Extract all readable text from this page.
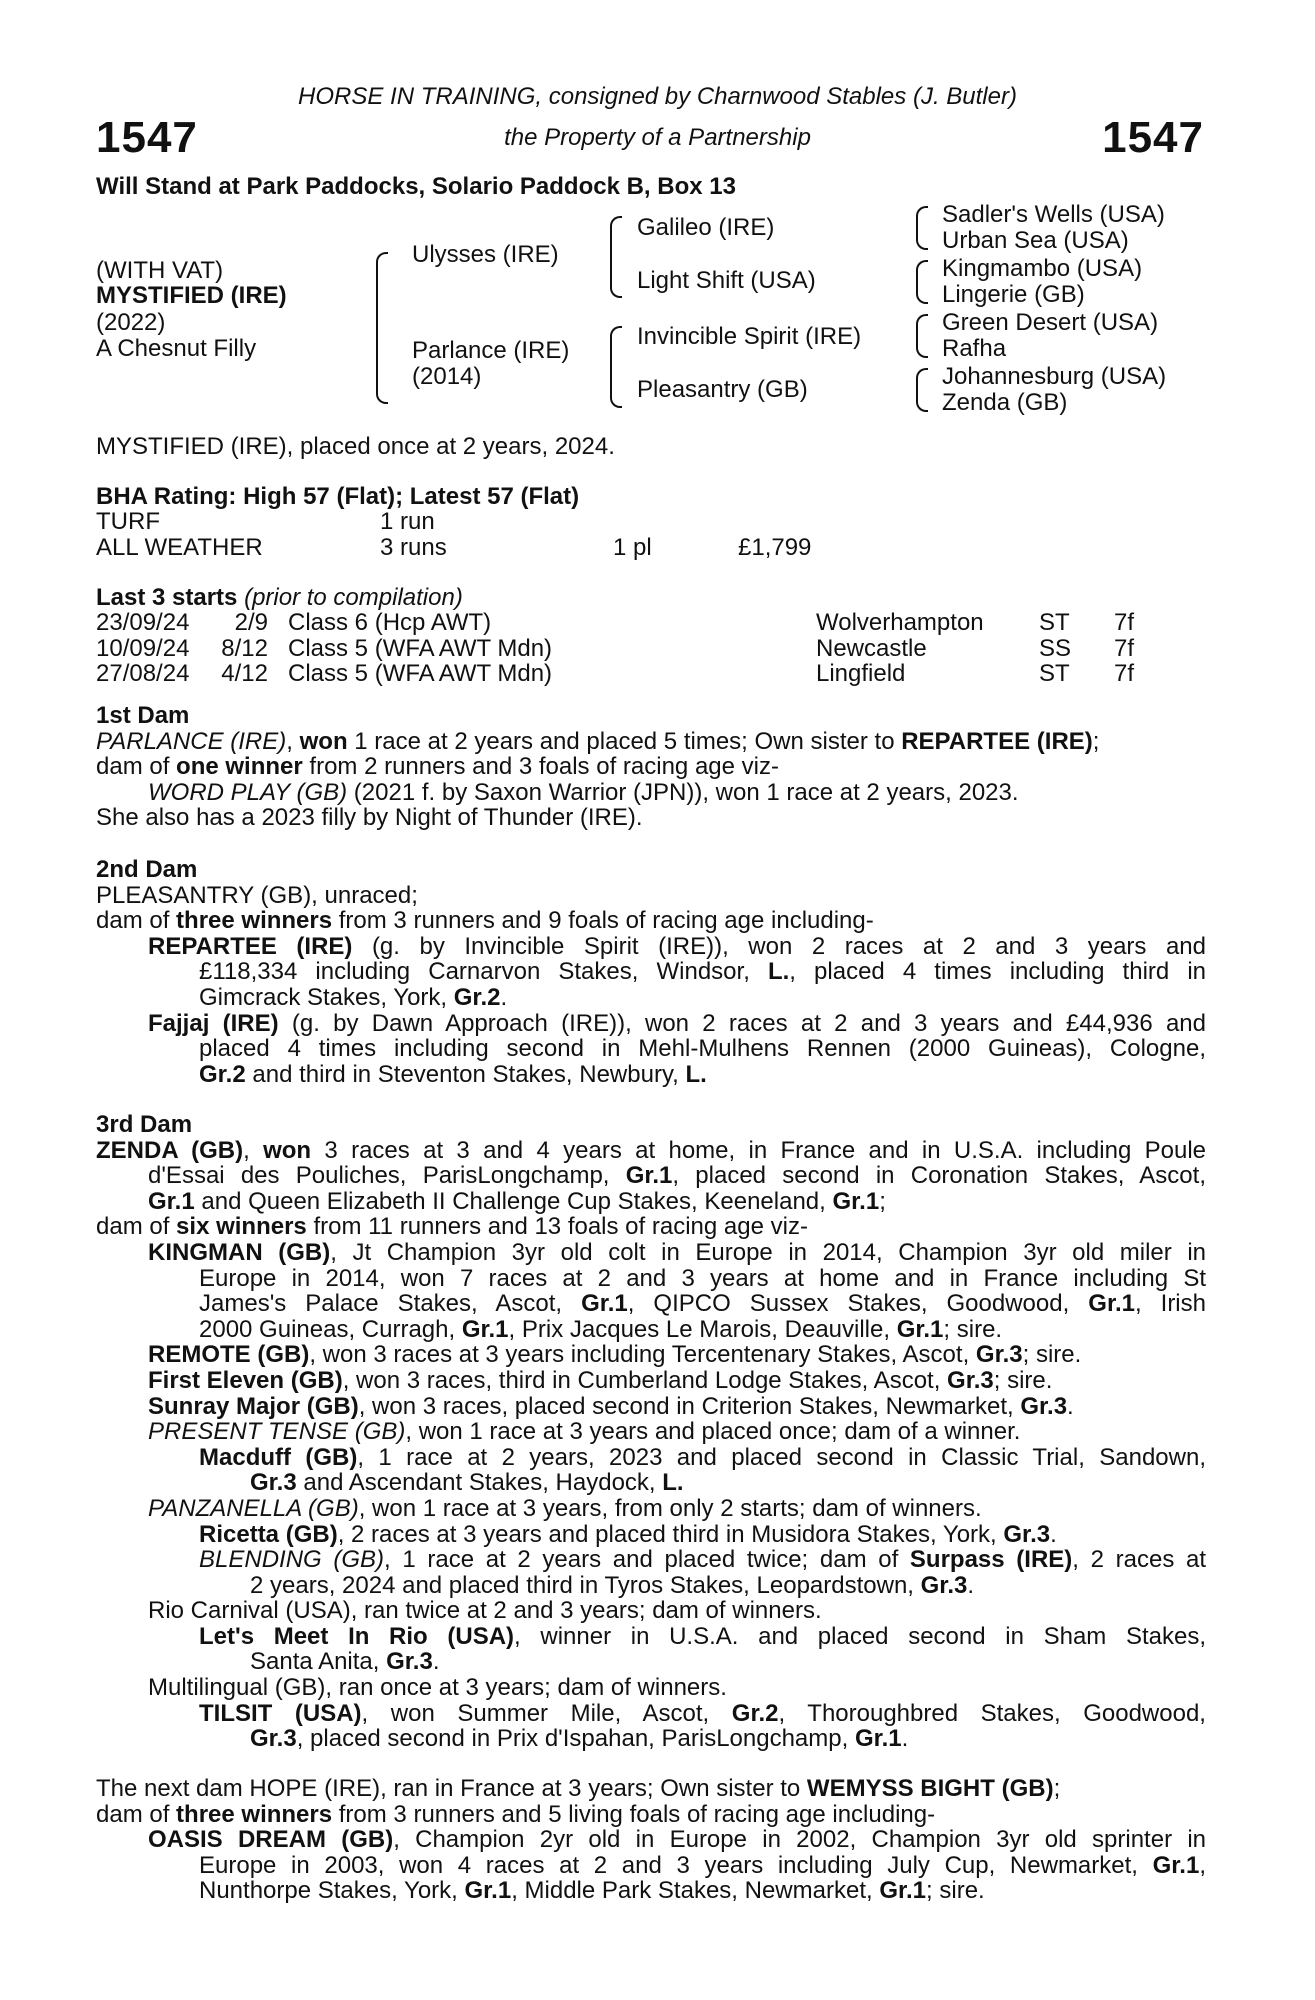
1547	1547
HORSE IN TRAINING, consigned by Charnwood Stables (J. Butler)
the Property of a Partnership
Will Stand at Park Paddocks, Solario Paddock B, Box 13
(WITH VAT)
MYSTIFIED (IRE)
(2022)
A Chesnut Filly
Ulysses (IRE)
Parlance (IRE)
(2014)
Galileo (IRE)
Light Shift (USA)
Invincible Spirit (IRE)
Pleasantry (GB)
Sadler's Wells (USA)
Urban Sea (USA)
Kingmambo (USA)
Lingerie (GB)
Green Desert (USA)
Rafha
Johannesburg (USA)
Zenda (GB)
MYSTIFIED (IRE), placed once at 2 years, 2024.
BHA Rating: High 57 (Flat); Latest 57 (Flat)
TURF	1 run
ALL WEATHER	3 runs	1 pl	£1,799
Last 3 starts (prior to compilation)
23/09/24	2/9 Class 6 (Hcp AWT)	Wolverhampton ST 7f
10/09/24	8/12 Class 5 (WFA AWT Mdn)	Newcastle	SS 7f
27/08/24	4/12 Class 5 (WFA AWT Mdn)	Lingfield	ST 7f
1st Dam
PARLANCE (IRE), won 1 race at 2 years and placed 5 times; Own sister to REPARTEE (IRE);
dam of one winner from 2 runners and 3 foals of racing age viz-
WORD PLAY (GB) (2021 f. by Saxon Warrior (JPN)), won 1 race at 2 years, 2023.
She also has a 2023 filly by Night of Thunder (IRE).
2nd Dam
PLEASANTRY (GB), unraced;
dam of three winners from 3 runners and 9 foals of racing age including-
REPARTEE (IRE) (g. by Invincible Spirit (IRE)), won 2 races at 2 and 3 years and
£118,334 including Carnarvon Stakes, Windsor, L., placed 4 times including third in
Gimcrack Stakes, York, Gr.2.
Fajjaj (IRE) (g. by Dawn Approach (IRE)), won 2 races at 2 and 3 years and £44,936 and
placed 4 times including second in Mehl-Mulhens Rennen (2000 Guineas), Cologne,
Gr.2 and third in Steventon Stakes, Newbury, L.
3rd Dam
ZENDA (GB), won 3 races at 3 and 4 years at home, in France and in U.S.A. including Poule
d'Essai des Pouliches, ParisLongchamp, Gr.1, placed second in Coronation Stakes, Ascot,
Gr.1 and Queen Elizabeth II Challenge Cup Stakes, Keeneland, Gr.1;
dam of six winners from 11 runners and 13 foals of racing age viz-
KINGMAN (GB), Jt Champion 3yr old colt in Europe in 2014, Champion 3yr old miler in
Europe in 2014, won 7 races at 2 and 3 years at home and in France including St
James's Palace Stakes, Ascot, Gr.1, QIPCO Sussex Stakes, Goodwood, Gr.1, Irish
2000 Guineas, Curragh, Gr.1, Prix Jacques Le Marois, Deauville, Gr.1; sire.
REMOTE (GB), won 3 races at 3 years including Tercentenary Stakes, Ascot, Gr.3; sire.
First Eleven (GB), won 3 races, third in Cumberland Lodge Stakes, Ascot, Gr.3; sire.
Sunray Major (GB), won 3 races, placed second in Criterion Stakes, Newmarket, Gr.3.
PRESENT TENSE (GB), won 1 race at 3 years and placed once; dam of a winner.
Macduff (GB), 1 race at 2 years, 2023 and placed second in Classic Trial, Sandown,
Gr.3 and Ascendant Stakes, Haydock, L.
PANZANELLA (GB), won 1 race at 3 years, from only 2 starts; dam of winners.
Ricetta (GB), 2 races at 3 years and placed third in Musidora Stakes, York, Gr.3.
BLENDING (GB), 1 race at 2 years and placed twice; dam of Surpass (IRE), 2 races at
2 years, 2024 and placed third in Tyros Stakes, Leopardstown, Gr.3.
Rio Carnival (USA), ran twice at 2 and 3 years; dam of winners.
Let's Meet In Rio (USA), winner in U.S.A. and placed second in Sham Stakes,
Santa Anita, Gr.3.
Multilingual (GB), ran once at 3 years; dam of winners.
TILSIT (USA), won Summer Mile, Ascot, Gr.2, Thoroughbred Stakes, Goodwood,
Gr.3, placed second in Prix d'Ispahan, ParisLongchamp, Gr.1.
The next dam HOPE (IRE), ran in France at 3 years; Own sister to WEMYSS BIGHT (GB);
dam of three winners from 3 runners and 5 living foals of racing age including-
OASIS DREAM (GB), Champion 2yr old in Europe in 2002, Champion 3yr old sprinter in
Europe in 2003, won 4 races at 2 and 3 years including July Cup, Newmarket, Gr.1,
Nunthorpe Stakes, York, Gr.1, Middle Park Stakes, Newmarket, Gr.1; sire.
